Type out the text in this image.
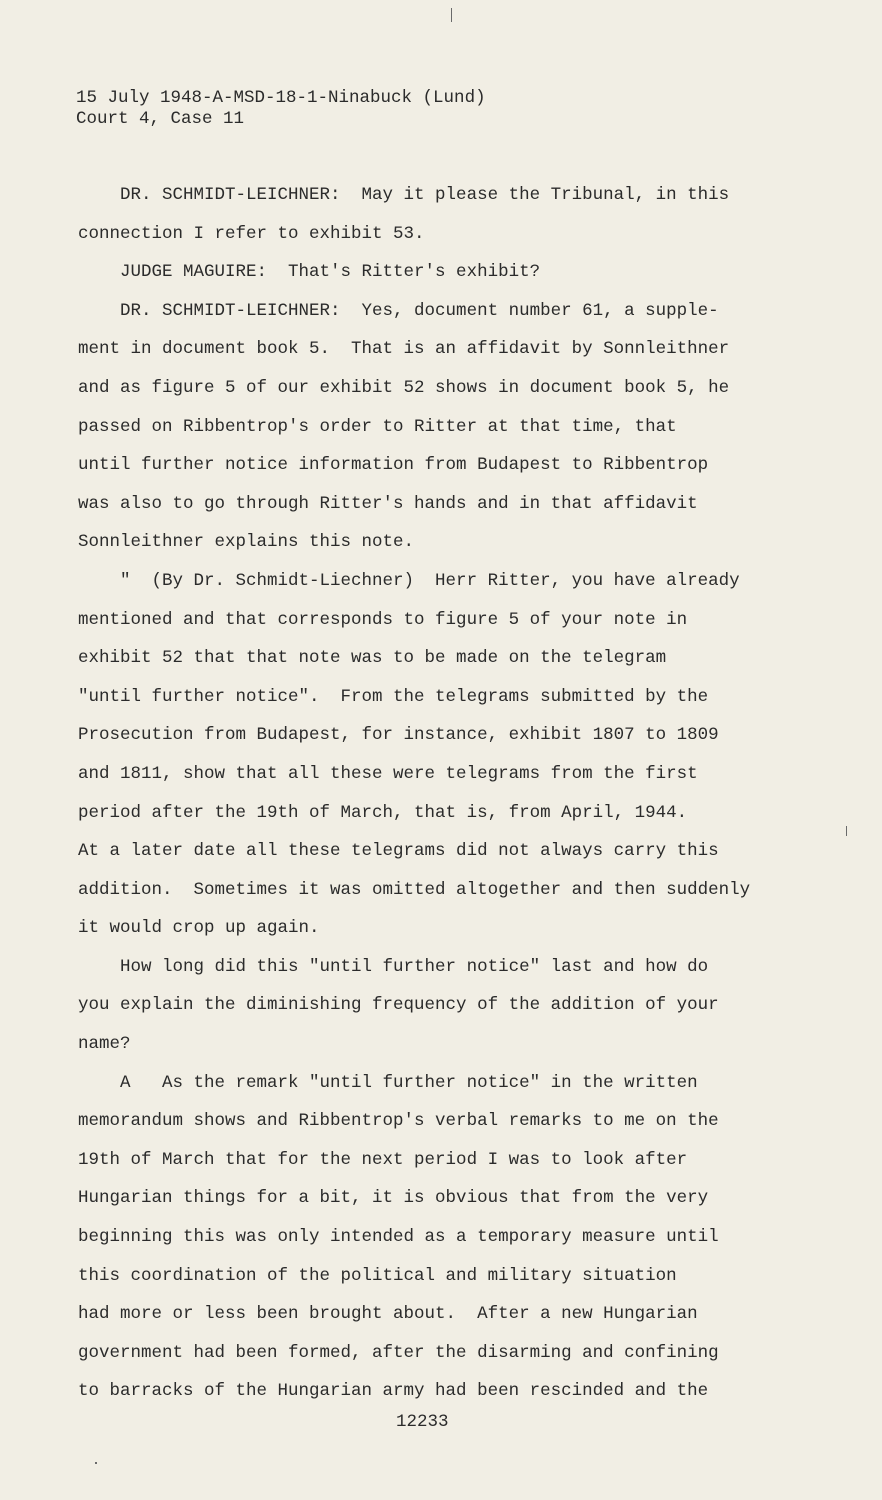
15 July 1948-A-MSD-18-1-Ninabuck (Lund)
Court 4, Case 11
DR. SCHMIDT-LEICHNER:  May it please the Tribunal, in this
connection I refer to exhibit 53.
JUDGE MAGUIRE:  That's Ritter's exhibit?
DR. SCHMIDT-LEICHNER:  Yes, document number 61, a supple-
ment in document book 5.  That is an affidavit by Sonnleithner
and as figure 5 of our exhibit 52 shows in document book 5, he
passed on Ribbentrop's order to Ritter at that time, that
until further notice information from Budapest to Ribbentrop
was also to go through Ritter's hands and in that affidavit
Sonnleithner explains this note.
"  (By Dr. Schmidt-Liechner)  Herr Ritter, you have already
mentioned and that corresponds to figure 5 of your note in
exhibit 52 that that note was to be made on the telegram
"until further notice".  From the telegrams submitted by the
Prosecution from Budapest, for instance, exhibit 1807 to 1809
and 1811, show that all these were telegrams from the first
period after the 19th of March, that is, from April, 1944.
At a later date all these telegrams did not always carry this
addition.  Sometimes it was omitted altogether and then suddenly
it would crop up again.
How long did this "until further notice" last and how do
you explain the diminishing frequency of the addition of your
name?
A   As the remark "until further notice" in the written
memorandum shows and Ribbentrop's verbal remarks to me on the
19th of March that for the next period I was to look after
Hungarian things for a bit, it is obvious that from the very
beginning this was only intended as a temporary measure until
this coordination of the political and military situation
had more or less been brought about.  After a new Hungarian
government had been formed, after the disarming and confining
to barracks of the Hungarian army had been rescinded and the
12233
